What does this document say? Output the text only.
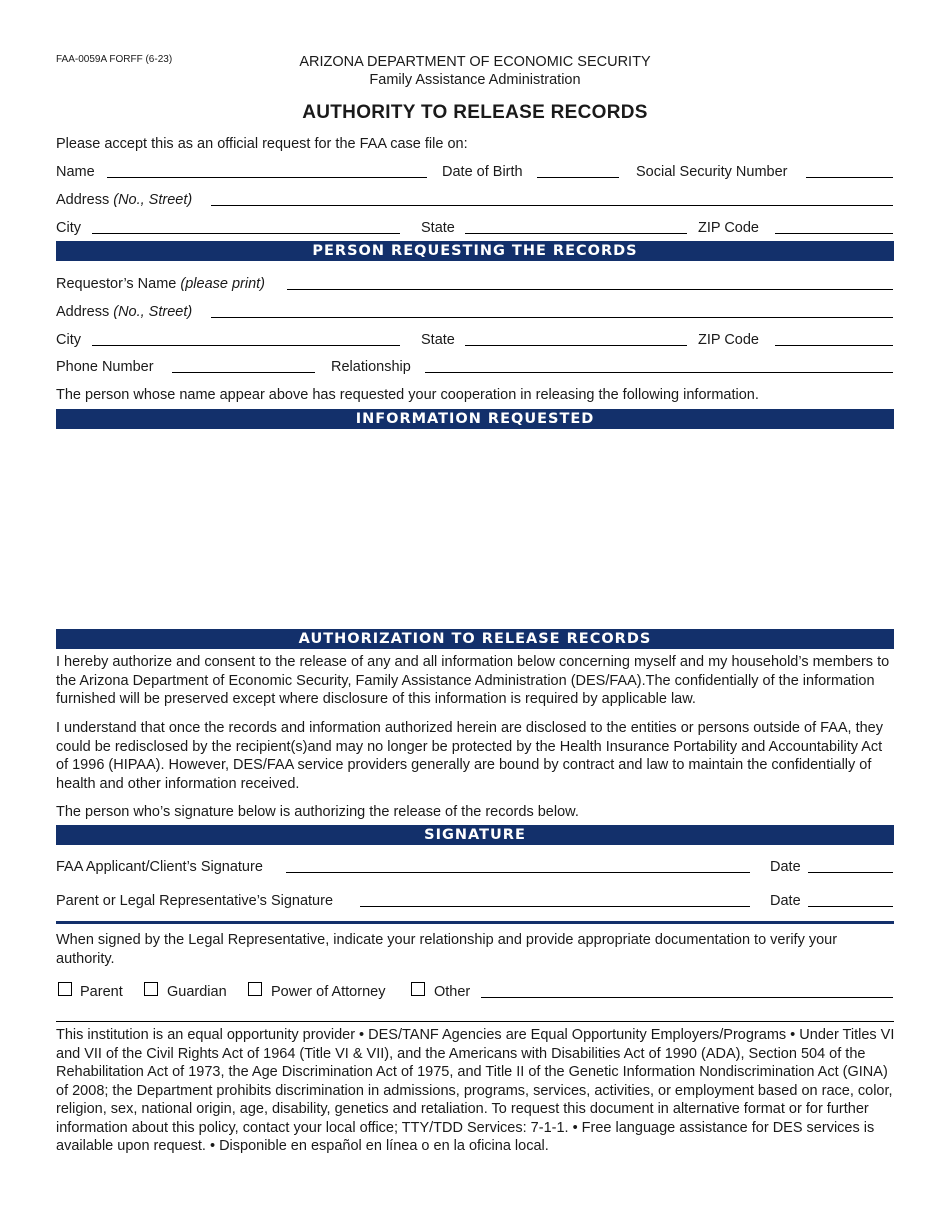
FAA-0059A FORFF (6-23)	ARIZONA DEPARTMENT OF ECONOMIC SECURITY
Family Assistance Administration
AUTHORITY TO RELEASE RECORDS
Please accept this as an official request for the FAA case file on:
Name	Date of Birth	Social Security Number
Address (No., Street)
City	State	ZIP Code
PERSON REQUESTING THE RECORDS
Requestor’s Name (please print)
Address (No., Street)
City	State	ZIP Code
Phone Number	Relationship
The person whose name appear above has requested your cooperation in releasing the following information.
INFORMATION REQUESTED
AUTHORIZATION TO RELEASE RECORDS
I hereby authorize and consent to the release of any and all information below concerning myself and my household’s members to the Arizona Department of Economic Security, Family Assistance Administration (DES/FAA).The confidentially of the information furnished will be preserved except where disclosure of this information is required by applicable law.
I understand that once the records and information authorized herein are disclosed to the entities or persons outside of FAA, they could be redisclosed by the recipient(s)and may no longer be protected by the Health Insurance Portability and Accountability Act of 1996 (HIPAA). However, DES/FAA service providers generally are bound by contract and law to maintain the confidentially of health and other information received.
The person who’s signature below is authorizing the release of the records below.
SIGNATURE
FAA Applicant/Client’s Signature	Date
Parent or Legal Representative’s Signature	Date
When signed by the Legal Representative, indicate your relationship and provide appropriate documentation to verify your authority.
Parent	Guardian	Power of Attorney	Other
This institution is an equal opportunity provider • DES/TANF Agencies are Equal Opportunity Employers/Programs • Under Titles VI and VII of the Civil Rights Act of 1964 (Title VI & VII), and the Americans with Disabilities Act of 1990 (ADA), Section 504 of the Rehabilitation Act of 1973, the Age Discrimination Act of 1975, and Title II of the Genetic Information Nondiscrimination Act (GINA) of 2008; the Department prohibits discrimination in admissions, programs, services, activities, or employment based on race, color, religion, sex, national origin, age, disability, genetics and retaliation. To request this document in alternative format or for further information about this policy, contact your local office; TTY/TDD Services: 7-1-1. • Free language assistance for DES services is available upon request. • Disponible en español en línea o en la oficina local.
